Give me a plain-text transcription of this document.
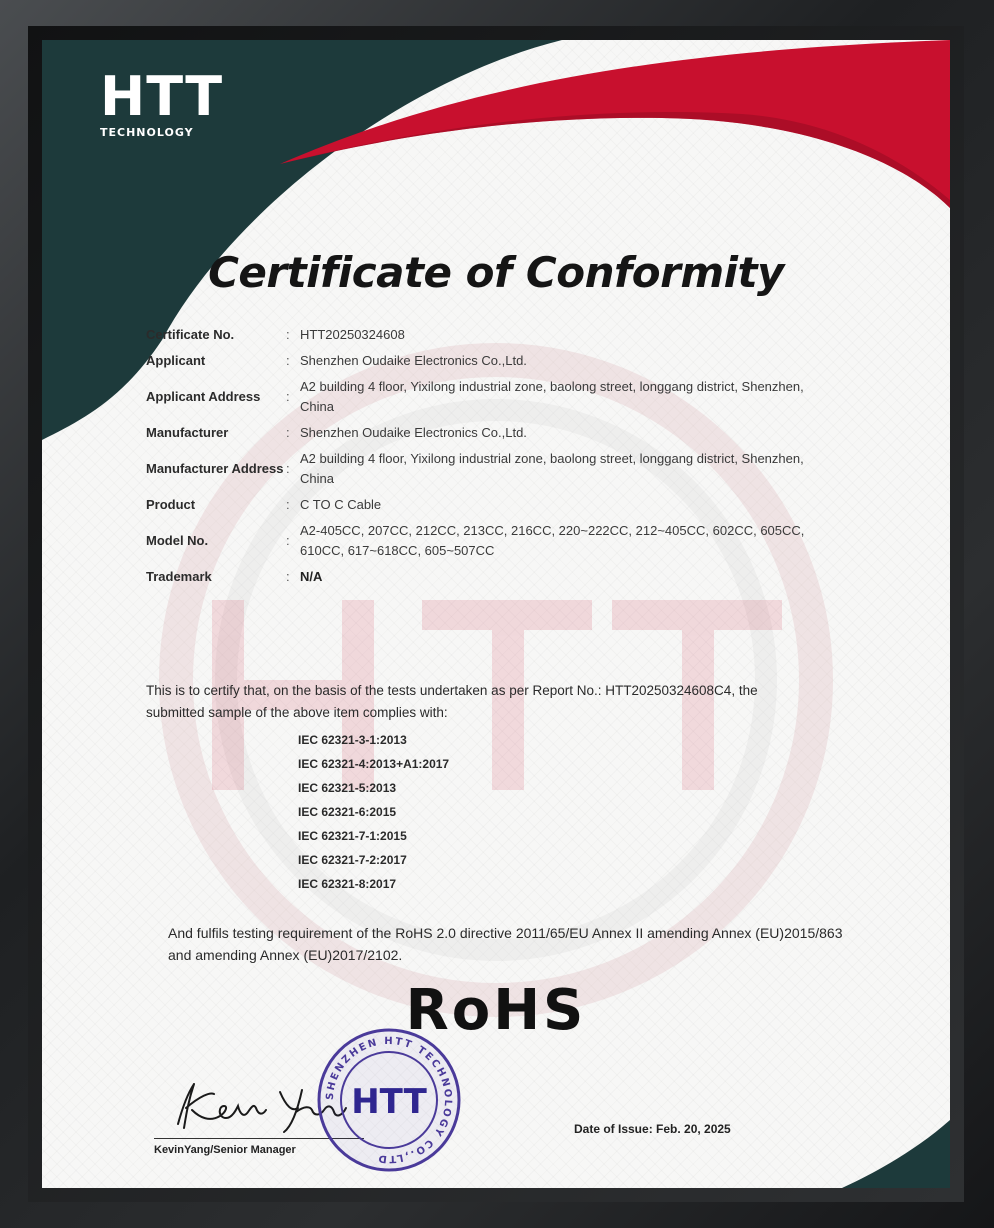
HTT
TECHNOLOGY
Certificate of Conformity
Certificate No.	: HTT20250324608
Applicant	: Shenzhen Oudaike Electronics Co.,Ltd.
Applicant Address	:
A2 building 4 floor, Yixilong industrial zone, baolong street, longgang district, Shenzhen, China
Manufacturer	: Shenzhen Oudaike Electronics Co.,Ltd.
Manufacturer Address :
A2 building 4 floor, Yixilong industrial zone, baolong street, longgang district, Shenzhen, China
Product	: C TO C Cable
Model No.	:
A2-405CC, 207CC, 212CC, 213CC, 216CC, 220~222CC, 212~405CC, 602CC, 605CC, 610CC, 617~618CC, 605~507CC
Trademark	: N/A
This is to certify that, on the basis of the tests undertaken as per Report No.: HTT20250324608C4, the submitted sample of the above item complies with:
IEC 62321-3-1:2013
IEC 62321-4:2013+A1:2017
IEC 62321-5:2013
IEC 62321-6:2015
IEC 62321-7-1:2015
IEC 62321-7-2:2017
IEC 62321-8:2017
And fulfils testing requirement of the RoHS 2.0 directive 2011/65/EU Annex II amending Annex (EU)2015/863 and amending Annex (EU)2017/2102.
RoHS
Kevin Yang
KevinYang/Senior Manager
SHENZHEN HTT TECHNOLOGY CO.,LTD
HTT
Date of Issue: Feb. 20, 2025
